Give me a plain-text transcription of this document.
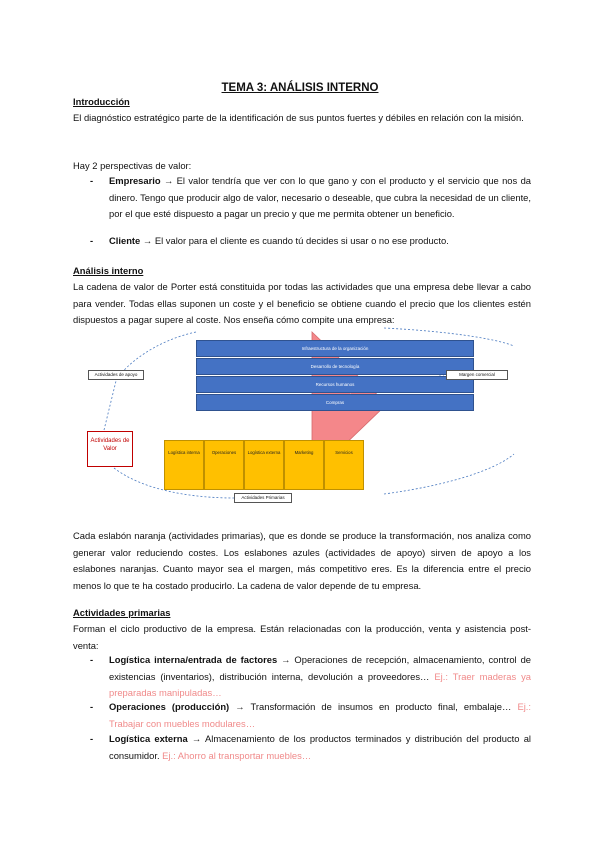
TEMA 3: ANÁLISIS INTERNO
Introducción
El diagnóstico estratégico parte de la identificación de sus puntos fuertes y débiles en relación con la misión.
Hay 2 perspectivas de valor:
- Empresario → El valor tendría que ver con lo que gano y con el producto y el servicio que nos da dinero. Tengo que producir algo de valor, necesario o deseable, que cubra la necesidad de un cliente, por el que esté dispuesto a pagar un precio y que me permita obtener un beneficio.
- Cliente → El valor para el cliente es cuando tú decides si usar o no ese producto.
Análisis interno
La cadena de valor de Porter está constituida por todas las actividades que una empresa debe llevar a cabo para vender. Todas ellas suponen un coste y el beneficio se obtiene cuando el precio que los clientes estén dispuestos a pagar supere al coste. Nos enseña cómo compite una empresa:
Infraestructura de la organización
Desarrollo de tecnología
Recursos humanos
Compras
Logística interna	Operaciones	Logística externa	Marketing	Servicios
Actividades de Valor
Actividades de apoyo
Actividades Primarias
Margen comercial
Cada eslabón naranja (actividades primarias), que es donde se produce la transformación, nos analiza como generar valor reduciendo costes. Los eslabones azules (actividades de apoyo) sirven de apoyo a los eslabones naranjas. Cuanto mayor sea el margen, más competitivo eres. Es la diferencia entre el precio menos lo que te ha costado producirlo. La cadena de valor depende de tu empresa.
Actividades primarias
Forman el ciclo productivo de la empresa. Están relacionadas con la producción, venta y asistencia post-venta:
- Logística interna/entrada de factores → Operaciones de recepción, almacenamiento, control de existencias (inventarios), distribución interna, devolución a proveedores… Ej.: Traer maderas ya preparadas manipuladas…
- Operaciones (producción) → Transformación de insumos en producto final, embalaje… Ej.: Trabajar con muebles modulares…
- Logística externa → Almacenamiento de los productos terminados y distribución del producto al consumidor. Ej.: Ahorro al transportar muebles…
